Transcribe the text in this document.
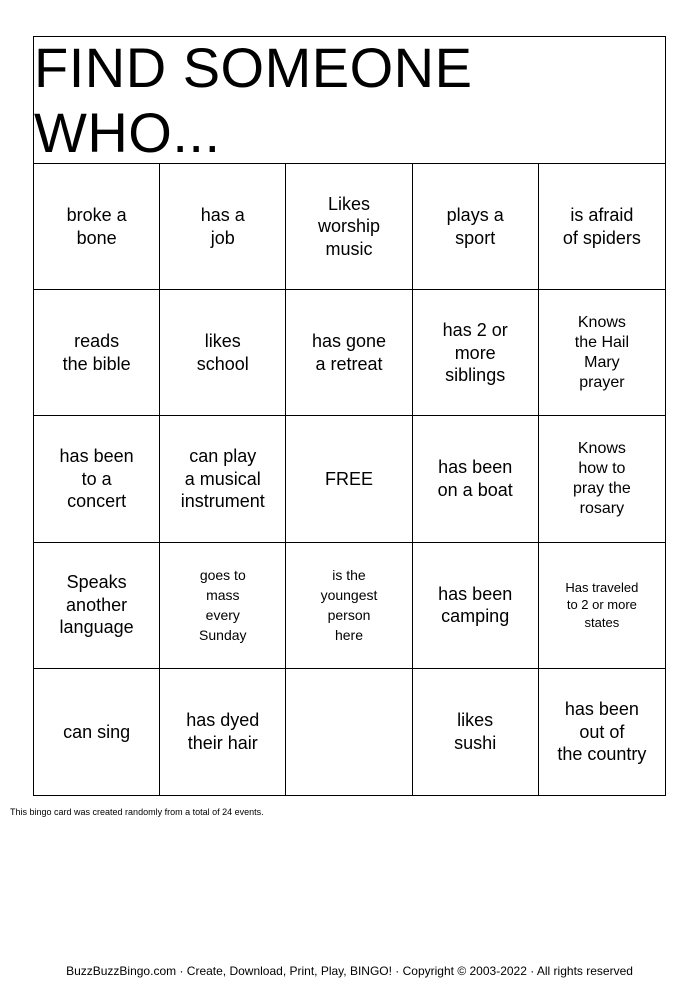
FIND SOMEONE WHO...
broke a
bone
has a
job
Likes
worship
music
plays a
sport
is afraid
of spiders
reads
the bible
likes
school
has gone
a retreat
has 2 or
more
siblings
Knows
the Hail
Mary
prayer
has been
to a
concert
can play
a musical
instrument
FREE
has been
on a boat
Knows
how to
pray the
rosary
Speaks
another
language
goes to
mass
every
Sunday
is the
youngest
person
here
has been
camping
Has traveled
to 2 or more
states
can sing
has dyed
their hair
likes
sushi
has been
out of
the country
This bingo card was created randomly from a total of 24 events.
BuzzBuzzBingo.com · Create, Download, Print, Play, BINGO! · Copyright © 2003-2022 · All rights reserved
